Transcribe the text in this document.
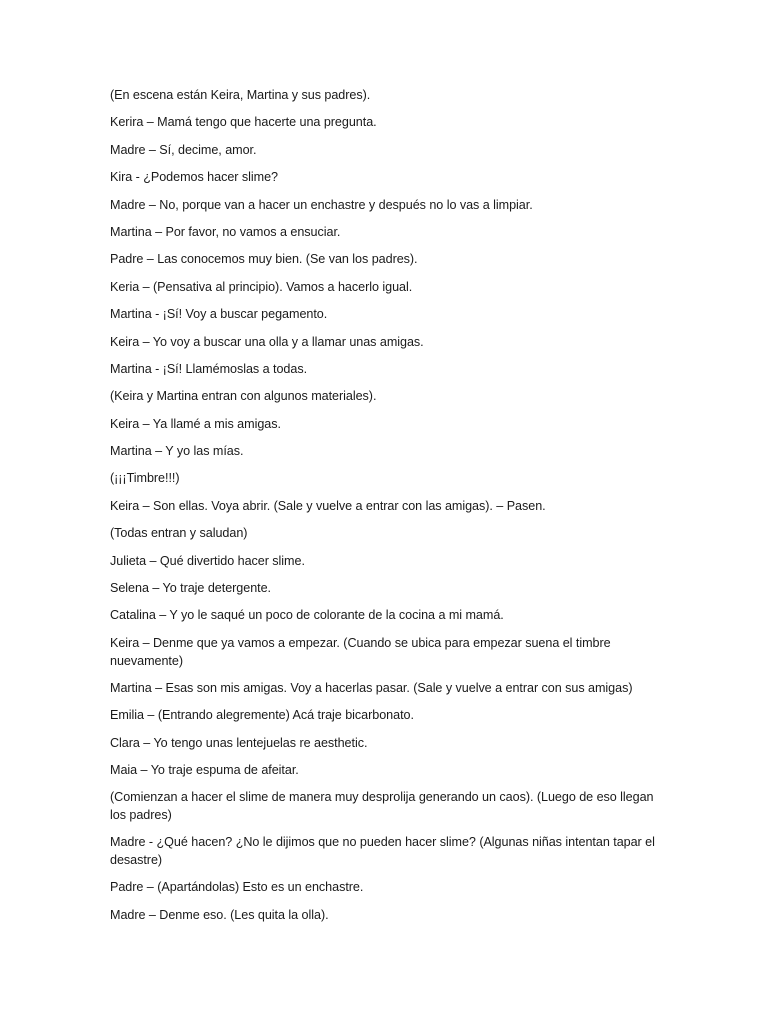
(En escena están Keira, Martina y sus padres).

Kerira – Mamá tengo que hacerte una pregunta.

Madre – Sí, decime, amor.

Kira - ¿Podemos hacer slime?

Madre – No, porque van a hacer un enchastre y después no lo vas a limpiar.

Martina – Por favor, no vamos a ensuciar.

Padre – Las conocemos muy bien. (Se van los padres).

Keria – (Pensativa al principio). Vamos a hacerlo igual.

Martina - ¡Sí! Voy a buscar pegamento.

Keira – Yo voy a buscar una olla y a llamar unas amigas.

Martina - ¡Sí! Llamémoslas a todas.

(Keira y Martina entran con algunos materiales).

Keira – Ya llamé a mis amigas.

Martina – Y yo las mías.

(¡¡¡Timbre!!!)

Keira – Son ellas. Voya abrir. (Sale y vuelve a entrar con las amigas). – Pasen.

(Todas entran y saludan)

Julieta – Qué divertido hacer slime.

Selena – Yo traje detergente.

Catalina – Y yo le saqué un poco de colorante de la cocina a mi mamá.

Keira – Denme que ya vamos a empezar. (Cuando se ubica para empezar suena el timbre nuevamente)

Martina – Esas son mis amigas. Voy a hacerlas pasar. (Sale y vuelve a entrar con sus amigas)

Emilia – (Entrando alegremente) Acá traje bicarbonato.

Clara – Yo tengo unas lentejuelas re aesthetic.

Maia – Yo traje espuma de afeitar.

(Comienzan a hacer el slime de manera muy desprolija generando un caos). (Luego de eso llegan los padres)

Madre - ¿Qué hacen? ¿No le dijimos que no pueden hacer slime? (Algunas niñas intentan tapar el desastre)

Padre – (Apartándolas) Esto es un enchastre.

Madre – Denme eso. (Les quita la olla).
